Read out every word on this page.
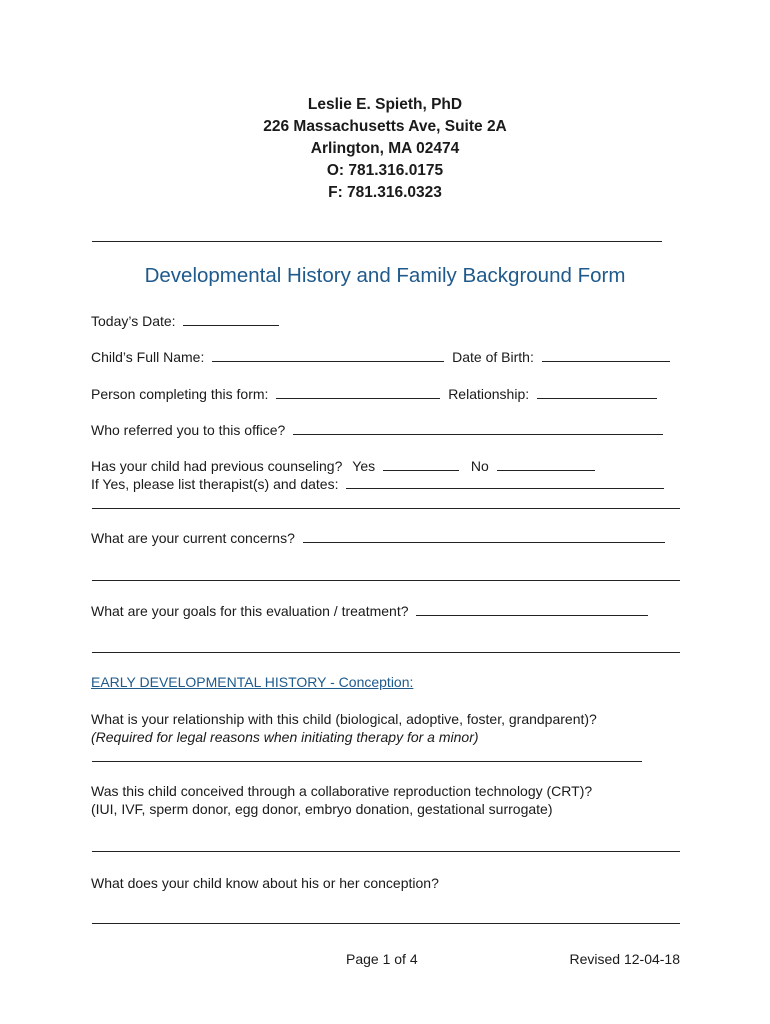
Leslie E. Spieth, PhD
226 Massachusetts Ave, Suite 2A
Arlington, MA 02474
O: 781.316.0175
F: 781.316.0323
Developmental History and Family Background Form
Today’s Date:
Child’s Full Name:	Date of Birth:
Person completing this form:	Relationship:
Who referred you to this office?
Has your child had previous counseling? Yes	No
If Yes, please list therapist(s) and dates:
What are your current concerns?
What are your goals for this evaluation / treatment?
EARLY DEVELOPMENTAL HISTORY - Conception:
What is your relationship with this child (biological, adoptive, foster, grandparent)?
(Required for legal reasons when initiating therapy for a minor)
Was this child conceived through a collaborative reproduction technology (CRT)?
(IUI, IVF, sperm donor, egg donor, embryo donation, gestational surrogate)
What does your child know about his or her conception?
Page 1 of 4	Revised 12-04-18
